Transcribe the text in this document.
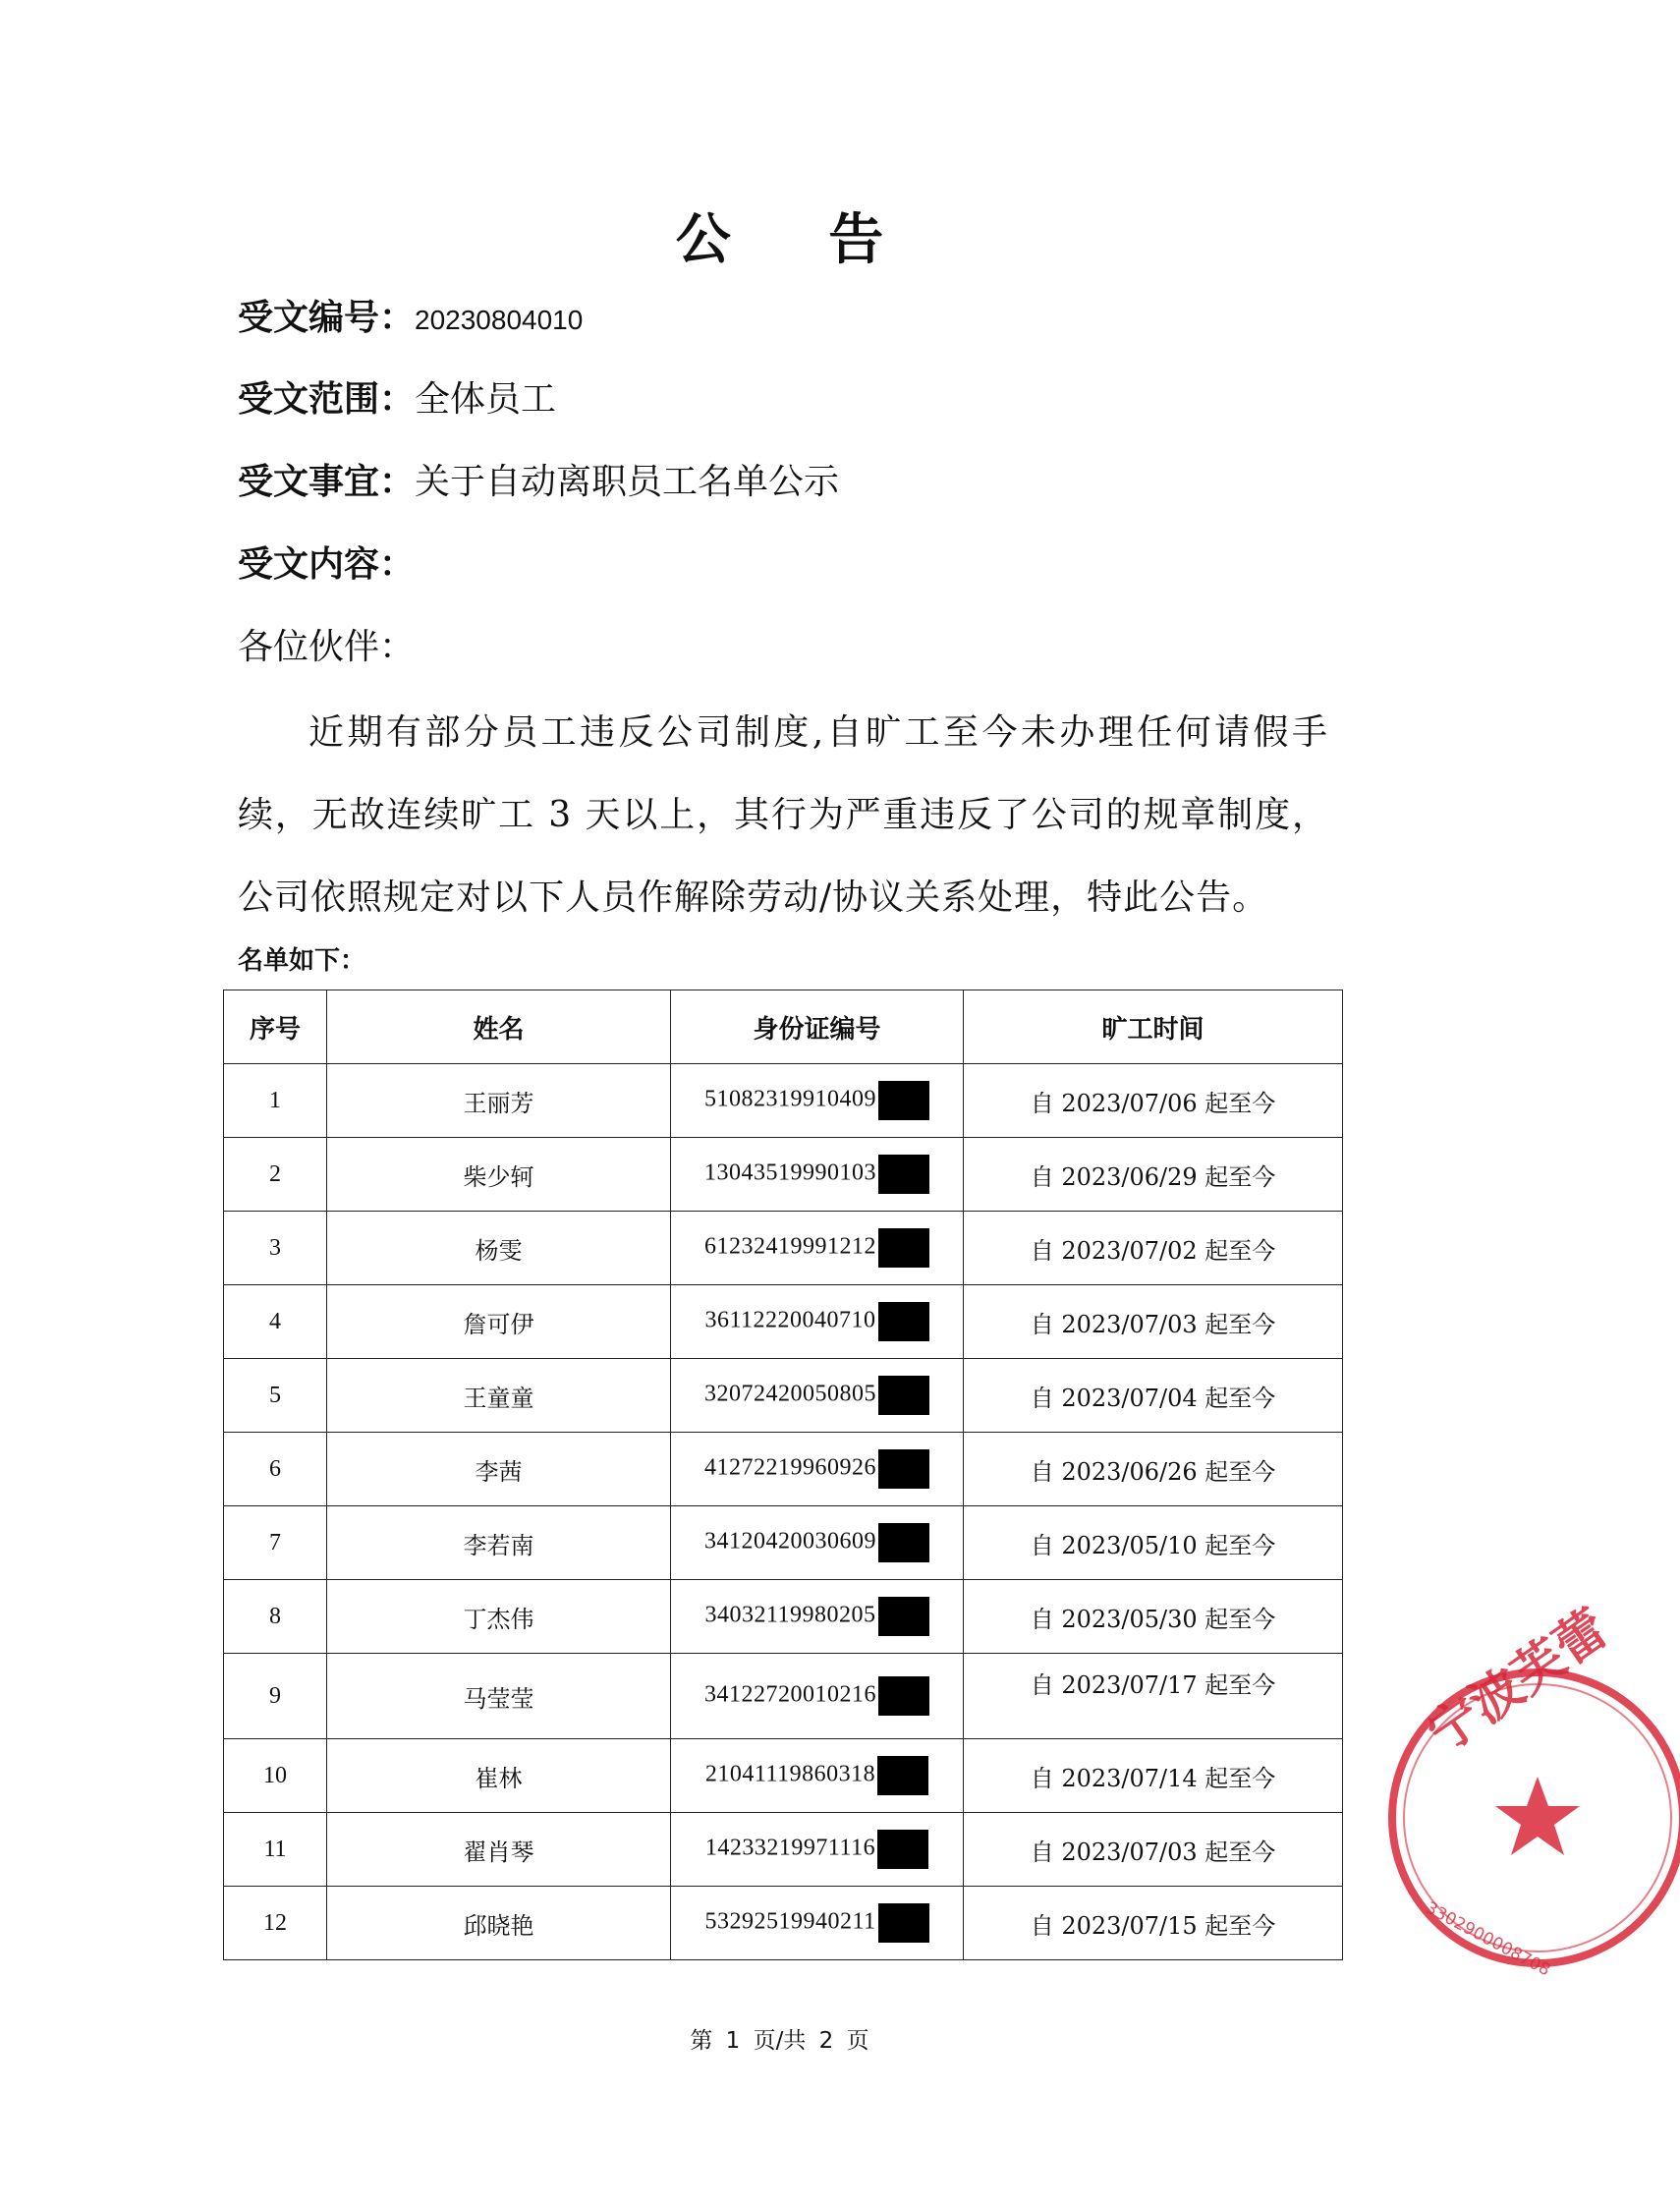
公 告
受文编号：20230804010
受文范围：全体员工
受文事宜：关于自动离职员工名单公示
受文内容：
各位伙伴：
近期有部分员工违反公司制度,自旷工至今未办理任何请假手续，无故连续旷工 3 天以上，其行为严重违反了公司的规章制度，公司依照规定对以下人员作解除劳动/协议关系处理，特此公告。
名单如下：
序号	姓名	身份证编号	旷工时间
1	王丽芳	51082319910409	自 2023/07/06 起至今
2	柴少轲	13043519990103	自 2023/06/29 起至今
3	杨雯	61232419991212	自 2023/07/02 起至今
4	詹可伊	36112220040710	自 2023/07/03 起至今
5	王童童	32072420050805	自 2023/07/04 起至今
6	李茜	41272219960926	自 2023/06/26 起至今
7	李若南	34120420030609	自 2023/05/10 起至今
8	丁杰伟	34032119980205	自 2023/05/30 起至今
9	马莹莹	34122720010216	自 2023/07/17 起至今
10	崔林	21041119860318	自 2023/07/14 起至今
11	翟肖琴	14233219971116	自 2023/07/03 起至今
12	邱晓艳	53292519940211	自 2023/07/15 起至今
宁波芙蕾
3302900008708
第 1 页/共 2 页
